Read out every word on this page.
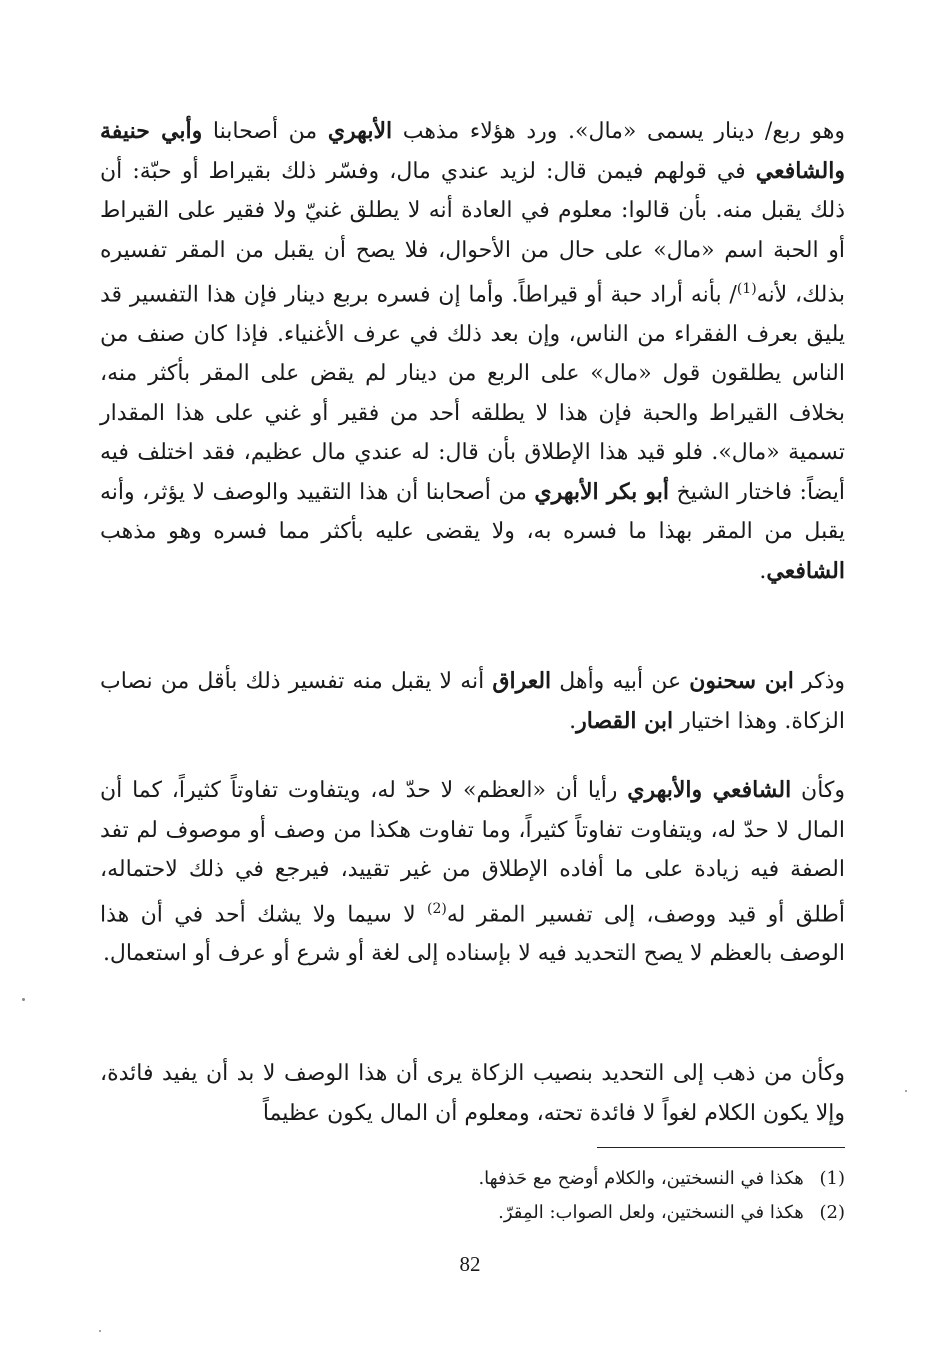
وهو ربع/ دينار يسمى «مال». ورد هؤلاء مذهب الأبهري من أصحابنا وأبي حنيفة والشافعي في قولهم فيمن قال: لزيد عندي مال، وفسّر ذلك بقيراط أو حبّة: أن ذلك يقبل منه. بأن قالوا: معلوم في العادة أنه لا يطلق غنيّ ولا فقير على القيراط أو الحبة اسم «مال» على حال من الأحوال، فلا يصح أن يقبل من المقر تفسيره بذلك، لأنه$^{(1)}$/ بأنه أراد حبة أو قيراطاً. وأما إن فسره بربع دينار فإن هذا التفسير قد يليق بعرف الفقراء من الناس، وإن بعد ذلك في عرف الأغنياء. فإذا كان صنف من الناس يطلقون قول «مال» على الربع من دينار لم يقض على المقر بأكثر منه، بخلاف القيراط والحبة فإن هذا لا يطلقه أحد من فقير أو غني على هذا المقدار تسمية «مال». فلو قيد هذا الإطلاق بأن قال: له عندي مال عظيم، فقد اختلف فيه أيضاً: فاختار الشيخ أبو بكر الأبهري من أصحابنا أن هذا التقييد والوصف لا يؤثر، وأنه يقبل من المقر بهذا ما فسره به، ولا يقضى عليه بأكثر مما فسره وهو مذهب الشافعي.

وذكر ابن سحنون عن أبيه وأهل العراق أنه لا يقبل منه تفسير ذلك بأقل من نصاب الزكاة. وهذا اختيار ابن القصار.

وكأن الشافعي والأبهري رأيا أن «العظم» لا حدّ له، ويتفاوت تفاوتاً كثيراً، كما أن المال لا حدّ له، ويتفاوت تفاوتاً كثيراً، وما تفاوت هكذا من وصف أو موصوف لم تفد الصفة فيه زيادة على ما أفاده الإطلاق من غير تقييد، فيرجع في ذلك لاحتماله، أطلق أو قيد ووصف، إلى تفسير المقر له$^{(2)}$ لا سيما ولا يشك أحد في أن هذا الوصف بالعظم لا يصح التحديد فيه لا بإسناده إلى لغة أو شرع أو عرف أو استعمال.

وكأن من ذهب إلى التحديد بنصيب الزكاة يرى أن هذا الوصف لا بد أن يفيد فائدة، وإلا يكون الكلام لغواً لا فائدة تحته، ومعلوم أن المال يكون عظيماً

(1) هكذا في النسختين، والكلام أوضح مع حَذفها.
(2) هكذا في النسختين، ولعل الصواب: المِقرّ.
82
